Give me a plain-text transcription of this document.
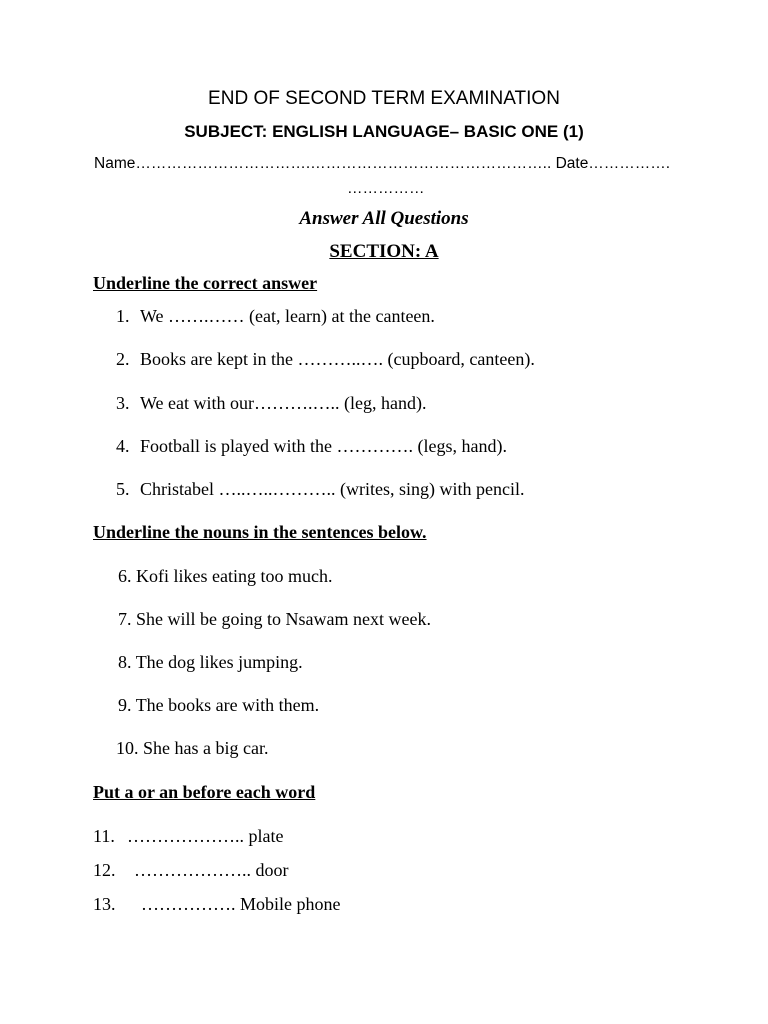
END OF SECOND TERM EXAMINATION
SUBJECT: ENGLISH LANGUAGE– BASIC ONE (1)
Name…………………………….……………………………………….. Date…………….
……………
Answer All Questions
SECTION: A
Underline the correct answer
1. We …….…… (eat, learn) at the canteen.
2. Books are kept in the ………..…. (cupboard, canteen).
3. We eat with our……….….. (leg, hand).
4. Football is played with the …………. (legs, hand).
5. Christabel …..…..……….. (writes, sing) with pencil.
Underline the nouns in the sentences below.
6. Kofi likes eating too much.
7. She will be going to Nsawam next week.
8. The dog likes jumping.
9. The books are with them.
10. She has a big car.
Put a or an before each word
11. ……………….. plate
12. ……………….. door
13. ……………. Mobile phone
